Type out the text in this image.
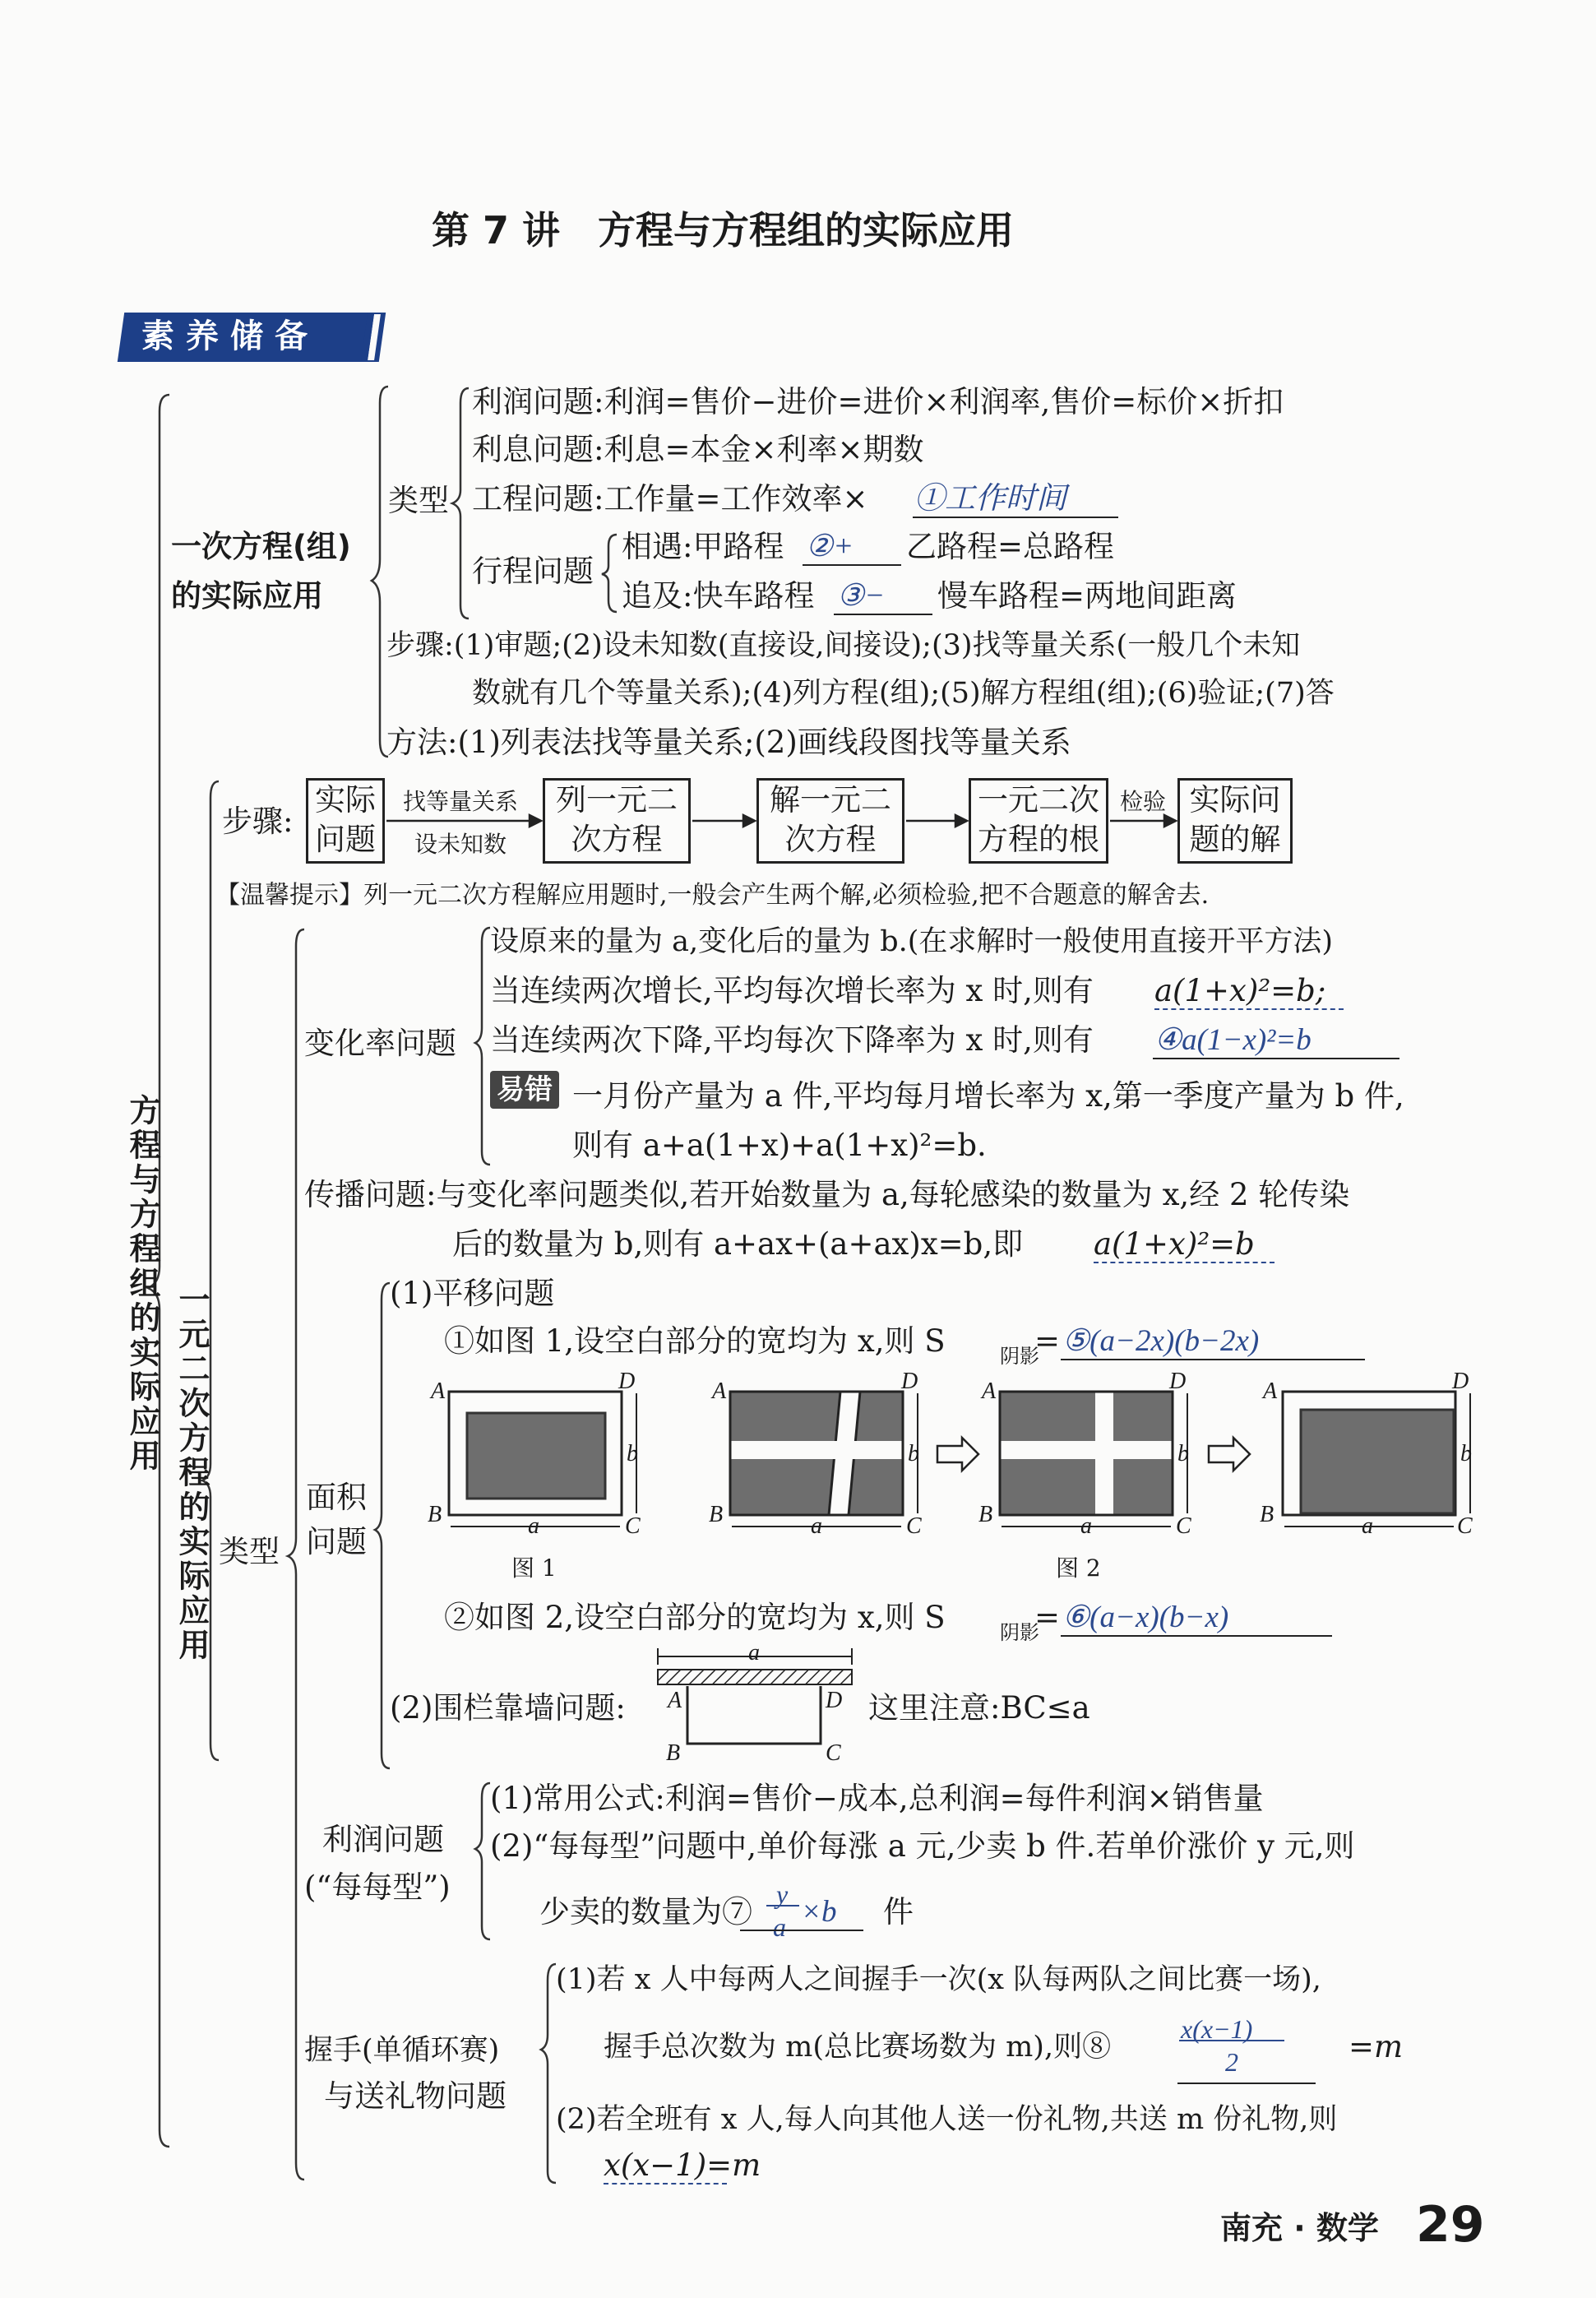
第 7 讲　方程与方程组的实际应用
素养储备
方程与方程组的实际应用
一次方程(组)
的实际应用
一元二次方程的实际应用
类型
利润问题:利润=售价−进价=进价×利润率,售价=标价×折扣
利息问题:利息=本金×利率×期数
工程问题:工作量=工作效率× ①工作时间
行程问题
相遇:甲路程 ②+ 乙路程=总路程
追及:快车路程 ③− 慢车路程=两地间距离
步骤:(1)审题;(2)设未知数(直接设,间接设);(3)找等量关系(一般几个未知
数就有几个等量关系);(4)列方程(组);(5)解方程组(组);(6)验证;(7)答
方法:(1)列表法找等量关系;(2)画线段图找等量关系
步骤:
实际
问题
列一元二
次方程
解一元二
次方程
一元二次
方程的根
实际问
题的解
找等量关系
设未知数
检验
【温馨提示】列一元二次方程解应用题时,一般会产生两个解,必须检验,把不合题意的解舍去.
类型
变化率问题
设原来的量为 a,变化后的量为 b.(在求解时一般使用直接开平方法)
当连续两次增长,平均每次增长率为 x 时,则有 a(1+x)²=b;
当连续两次下降,平均每次下降率为 x 时,则有 ④a(1−x)²=b
易错 一月份产量为 a 件,平均每月增长率为 x,第一季度产量为 b 件,
则有 a+a(1+x)+a(1+x)²=b.
传播问题:与变化率问题类似,若开始数量为 a,每轮感染的数量为 x,经 2 轮传染
后的数量为 b,则有 a+ax+(a+ax)x=b,即 a(1+x)²=b
面积
问题
(1)平移问题
①如图 1,设空白部分的宽均为 x,则 S	阴影
= ⑤(a−2x)(b−2x)
A	D
B	C
b
a
A	D
B	C
b
a
A	D
B	C
b
a
A	D
B	C
b
a
图 1	图 2
②如图 2,设空白部分的宽均为 x,则 S	阴影
= ⑥(a−x)(b−x)
(2)围栏靠墙问题:
a
A	D
B	C
这里注意:BC≤a
利润问题
(“每每型”)
(1)常用公式:利润=售价−成本,总利润=每件利润×销售量
(2)“每每型”问题中,单价每涨 a 元,少卖 b 件.若单价涨价 y 元,则
少卖的数量为⑦ y
a ×b 件
握手(单循环赛)
与送礼物问题
(1)若 x 人中每两人之间握手一次(x 队每两队之间比赛一场),
握手总次数为 m(总比赛场数为 m),则⑧
x(x−1)
2	=m
(2)若全班有 x 人,每人向其他人送一份礼物,共送 m 份礼物,则
x(x−1)=m
南充 · 数学 29
